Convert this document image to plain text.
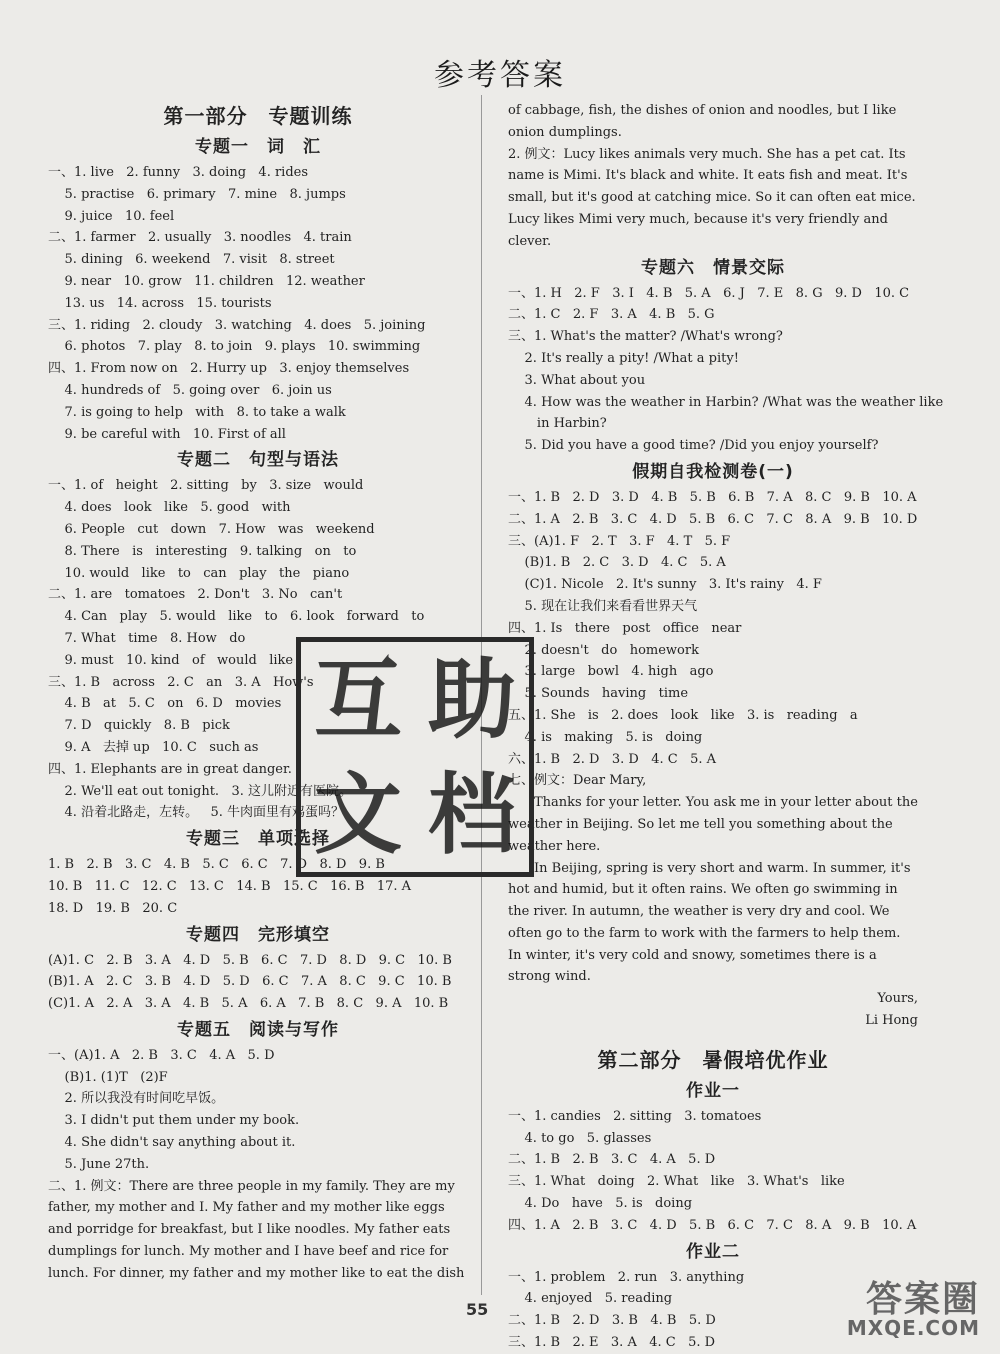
参考答案
第一部分　专题训练
专题一　词　汇
一、1. live   2. funny   3. doing   4. rides
5. practise   6. primary   7. mine   8. jumps
9. juice   10. feel
二、1. farmer   2. usually   3. noodles   4. train
5. dining   6. weekend   7. visit   8. street
9. near   10. grow   11. children   12. weather
13. us   14. across   15. tourists
三、1. riding   2. cloudy   3. watching   4. does   5. joining
6. photos   7. play   8. to join   9. plays   10. swimming
四、1. From now on   2. Hurry up   3. enjoy themselves
4. hundreds of   5. going over   6. join us
7. is going to help   with   8. to take a walk
9. be careful with   10. First of all
专题二　句型与语法
一、1. of   height   2. sitting   by   3. size   would
4. does   look   like   5. good   with
6. People   cut   down   7. How   was   weekend
8. There   is   interesting   9. talking   on   to
10. would   like   to   can   play   the   piano
二、1. are   tomatoes   2. Don't   3. No   can't
4. Can   play   5. would   like   to   6. look   forward   to
7. What   time   8. How   do
9. must   10. kind   of   would   like
三、1. B   across   2. C   an   3. A   How's
4. B   at   5. C   on   6. D   movies
7. D   quickly   8. B   pick
9. A   去掉 up   10. C   such as
四、1. Elephants are in great danger.
2. We'll eat out tonight.   3. 这儿附近有医院。
4. 沿着北路走，左转。   5. 牛肉面里有鸡蛋吗？
专题三　单项选择
1. B   2. B   3. C   4. B   5. C   6. C   7. D   8. D   9. B
10. B   11. C   12. C   13. C   14. B   15. C   16. B   17. A
18. D   19. B   20. C
专题四　完形填空
(A)1. C   2. B   3. A   4. D   5. B   6. C   7. D   8. D   9. C   10. B
(B)1. A   2. C   3. B   4. D   5. D   6. C   7. A   8. C   9. C   10. B
(C)1. A   2. A   3. A   4. B   5. A   6. A   7. B   8. C   9. A   10. B
专题五　阅读与写作
一、(A)1. A   2. B   3. C   4. A   5. D
(B)1. (1)T   (2)F
2. 所以我没有时间吃早饭。
3. I didn't put them under my book.
4. She didn't say anything about it.
5. June 27th.
二、1. 例文：There are three people in my family. They are my father, my mother and I. My father and my mother like eggs and porridge for breakfast, but I like noodles. My father eats dumplings for lunch. My mother and I have beef and rice for lunch. For dinner, my father and my mother like to eat the dish
of cabbage, fish, the dishes of onion and noodles, but I like onion dumplings.
2. 例文：Lucy likes animals very much. She has a pet cat. Its name is Mimi. It's black and white. It eats fish and meat. It's small, but it's good at catching mice. So it can often eat mice. Lucy likes Mimi very much, because it's very friendly and clever.
专题六　情景交际
一、1. H   2. F   3. I   4. B   5. A   6. J   7. E   8. G   9. D   10. C
二、1. C   2. F   3. A   4. B   5. G
三、1. What's the matter? /What's wrong?
2. It's really a pity! /What a pity!
3. What about you
4. How was the weather in Harbin? /What was the weather like
in Harbin?
5. Did you have a good time? /Did you enjoy yourself?
假期自我检测卷(一)
一、1. B   2. D   3. D   4. B   5. B   6. B   7. A   8. C   9. B   10. A
二、1. A   2. B   3. C   4. D   5. B   6. C   7. C   8. A   9. B   10. D
三、(A)1. F   2. T   3. F   4. T   5. F
(B)1. B   2. C   3. D   4. C   5. A
(C)1. Nicole   2. It's sunny   3. It's rainy   4. F
5. 现在让我们来看看世界天气
四、1. Is   there   post   office   near
2. doesn't   do   homework
3. large   bowl   4. high   ago
5. Sounds   having   time
五、1. She   is   2. does   look   like   3. is   reading   a
4. is   making   5. is   doing
六、1. B   2. D   3. D   4. C   5. A
七、例文：Dear Mary,
Thanks for your letter. You ask me in your letter about the weather in Beijing. So let me tell you something about the weather here.
In Beijing, spring is very short and warm. In summer, it's hot and humid, but it often rains. We often go swimming in the river. In autumn, the weather is very dry and cool. We often go to the farm to work with the farmers to help them. In winter, it's very cold and snowy, sometimes there is a strong wind.
Yours,
Li Hong
第二部分　暑假培优作业
作业一
一、1. candies   2. sitting   3. tomatoes
4. to go   5. glasses
二、1. B   2. B   3. C   4. A   5. D
三、1. What   doing   2. What   like   3. What's   like
4. Do   have   5. is   doing
四、1. A   2. B   3. C   4. D   5. B   6. C   7. C   8. A   9. B   10. A
作业二
一、1. problem   2. run   3. anything
4. enjoyed   5. reading
二、1. B   2. D   3. B   4. B   5. D
三、1. B   2. E   3. A   4. C   5. D
互 助
文 档
55	答案圈
MXQE.COM
